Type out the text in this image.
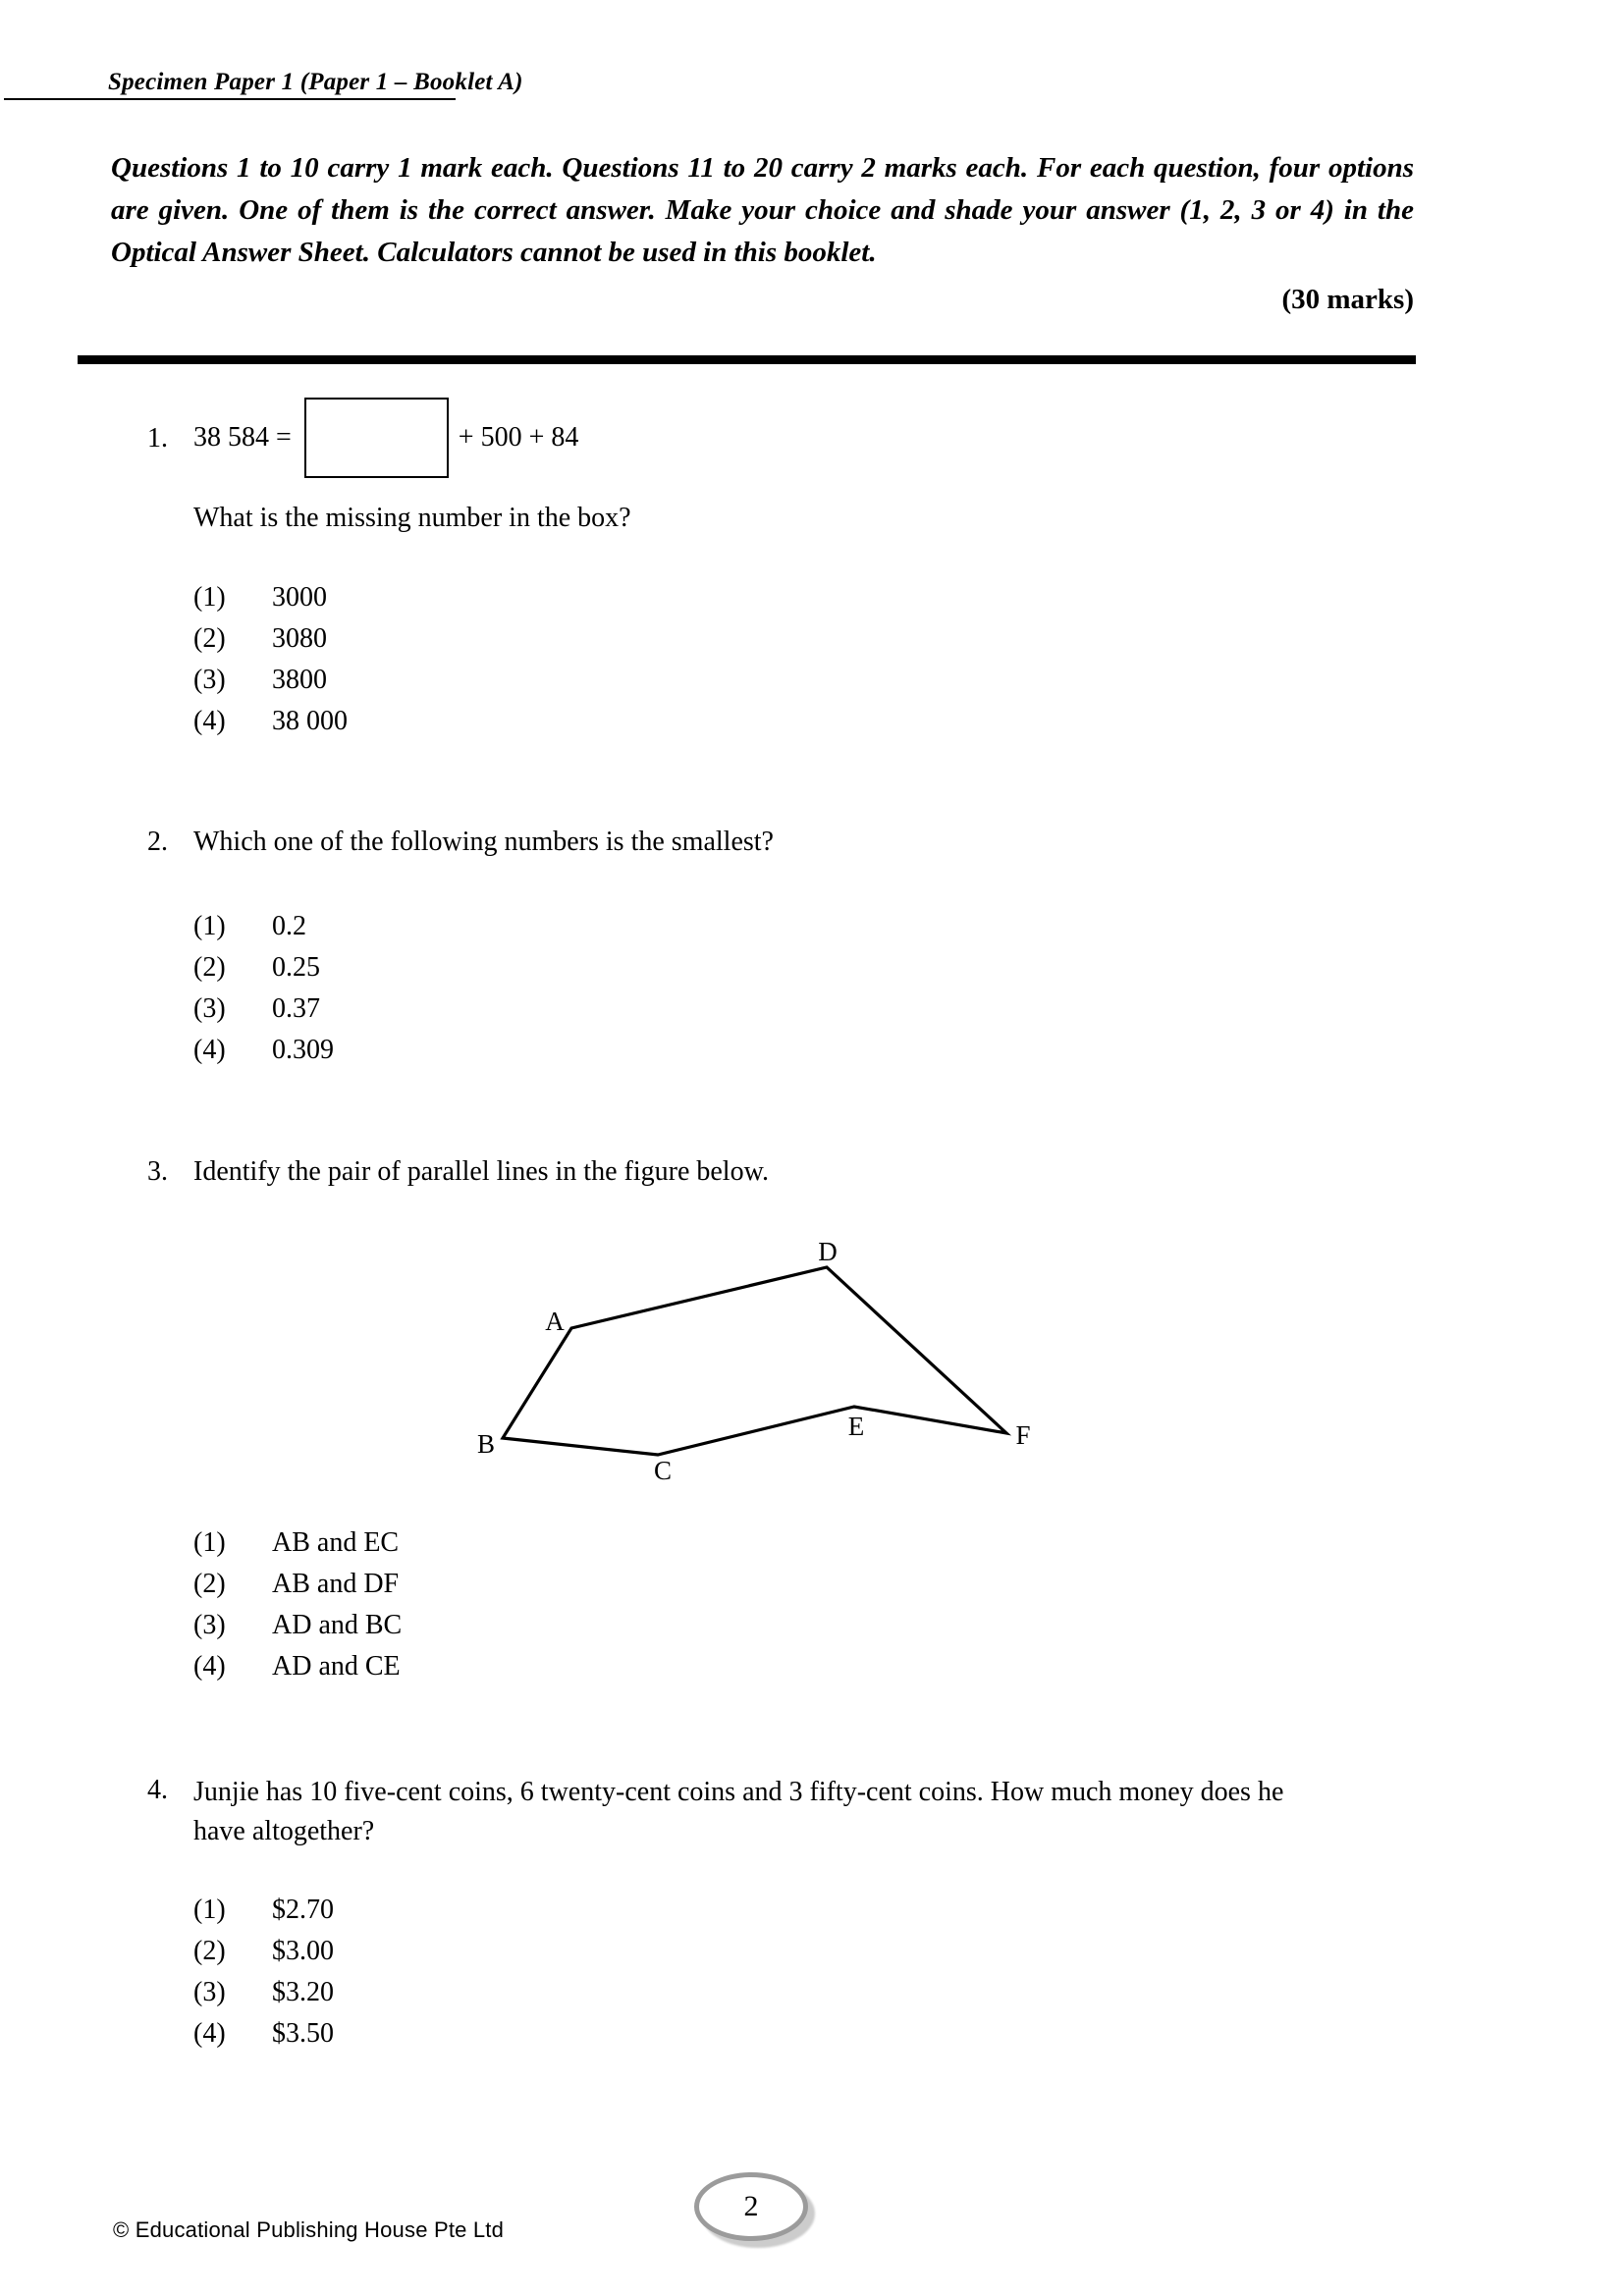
Specimen Paper 1 (Paper 1 – Booklet A)

Questions 1 to 10 carry 1 mark each. Questions 11 to 20 carry 2 marks each. For each question, four options are given. One of them is the correct answer. Make your choice and shade your answer (1, 2, 3 or 4) in the Optical Answer Sheet. Calculators cannot be used in this booklet.

(30 marks)
1. 38 584 =	+ 500 + 84
What is the missing number in the box?
(1)	3000
(2)	3080
(3)	3800
(4)	38 000
2. Which one of the following numbers is the smallest?
(1)	0.2
(2)	0.25
(3)	0.37
(4)	0.309
3. Identify the pair of parallel lines in the figure below.
A
B
C
D
E	F
(1)	AB and EC
(2)	AB and DF
(3)	AD and BC
(4)	AD and CE
4. Junjie has 10 five-cent coins, 6 twenty-cent coins and 3 fifty-cent coins. How much money does he have altogether?
(1)	$2.70
(2)	$3.00
(3)	$3.20
(4)	$3.50
© Educational Publishing House Pte Ltd
2
